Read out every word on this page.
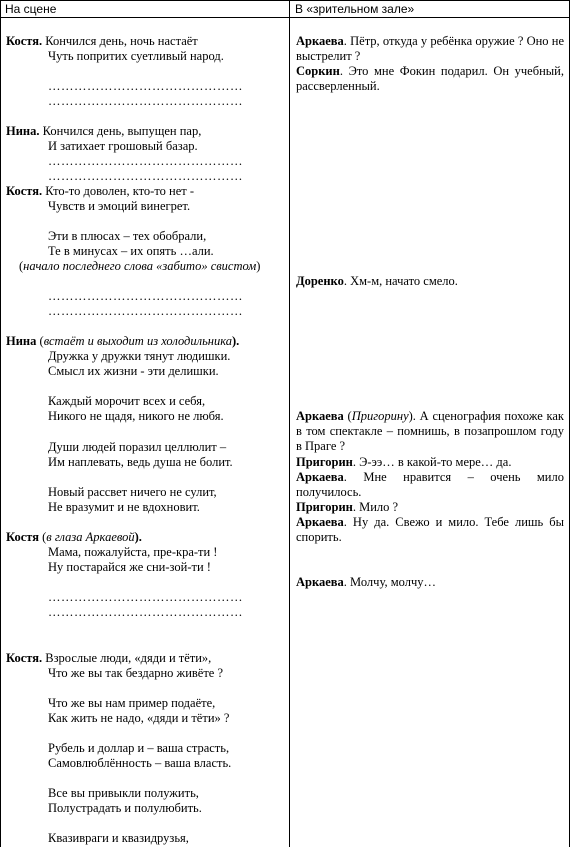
На сцене	В «зрительном зале»
Костя. Кончился день, ночь настаёт
Чуть попритих суетливый народ.
………………………………………
………………………………………
Нина. Кончился день, выпущен пар,
И затихает грошовый базар.
………………………………………
………………………………………
Костя. Кто-то доволен, кто-то нет -
Чувств и эмоций винегрет.
Эти в плюсах – тех обобрали,
Те в минусах – их опять …али.
(начало последнего слова «забито» свистом)
………………………………………
………………………………………
Нина (встаёт и выходит из холодильника).
Дружка у дружки тянут людишки.
Смысл их жизни - эти делишки.
Каждый морочит всех и себя,
Никого не щадя, никого не любя.
Души людей поразил целлюлит –
Им наплевать, ведь душа не болит.
Новый рассвет ничего не сулит,
Не вразумит и не вдохновит.
Костя (в глаза Аркаевой).
Мама, пожалуйста, пре-кра-ти !
Ну постарайся же сни-зой-ти !
………………………………………
………………………………………
Костя. Взрослые люди, «дяди и тёти»,
Что же вы так бездарно живёте ?
Что же вы нам пример подаёте,
Как жить не надо, «дяди и тёти» ?
Рубель и доллар и – ваша страсть,
Самовлюблённость – ваша власть.
Все вы привыкли полужить,
Полустрадать и полулюбить.
Квазивраги и квазидрузья,
Аркаева. Пётр, откуда у ребёнка оружие ? Оно не выстрелит ?
Соркин. Это мне Фокин подарил. Он учебный, рассверленный.
Доренко. Хм-м, начато смело.
Аркаева (Пригорину). А сценография похоже как в том спектакле – помнишь, в позапрошлом году в Праге ?
Пригорин. Э-ээ… в какой-то мере… да.
Аркаева. Мне нравится – очень мило получилось.
Пригорин. Мило ?
Аркаева. Ну да. Свежо и мило. Тебе лишь бы спорить.
Аркаева. Молчу, молчу…
